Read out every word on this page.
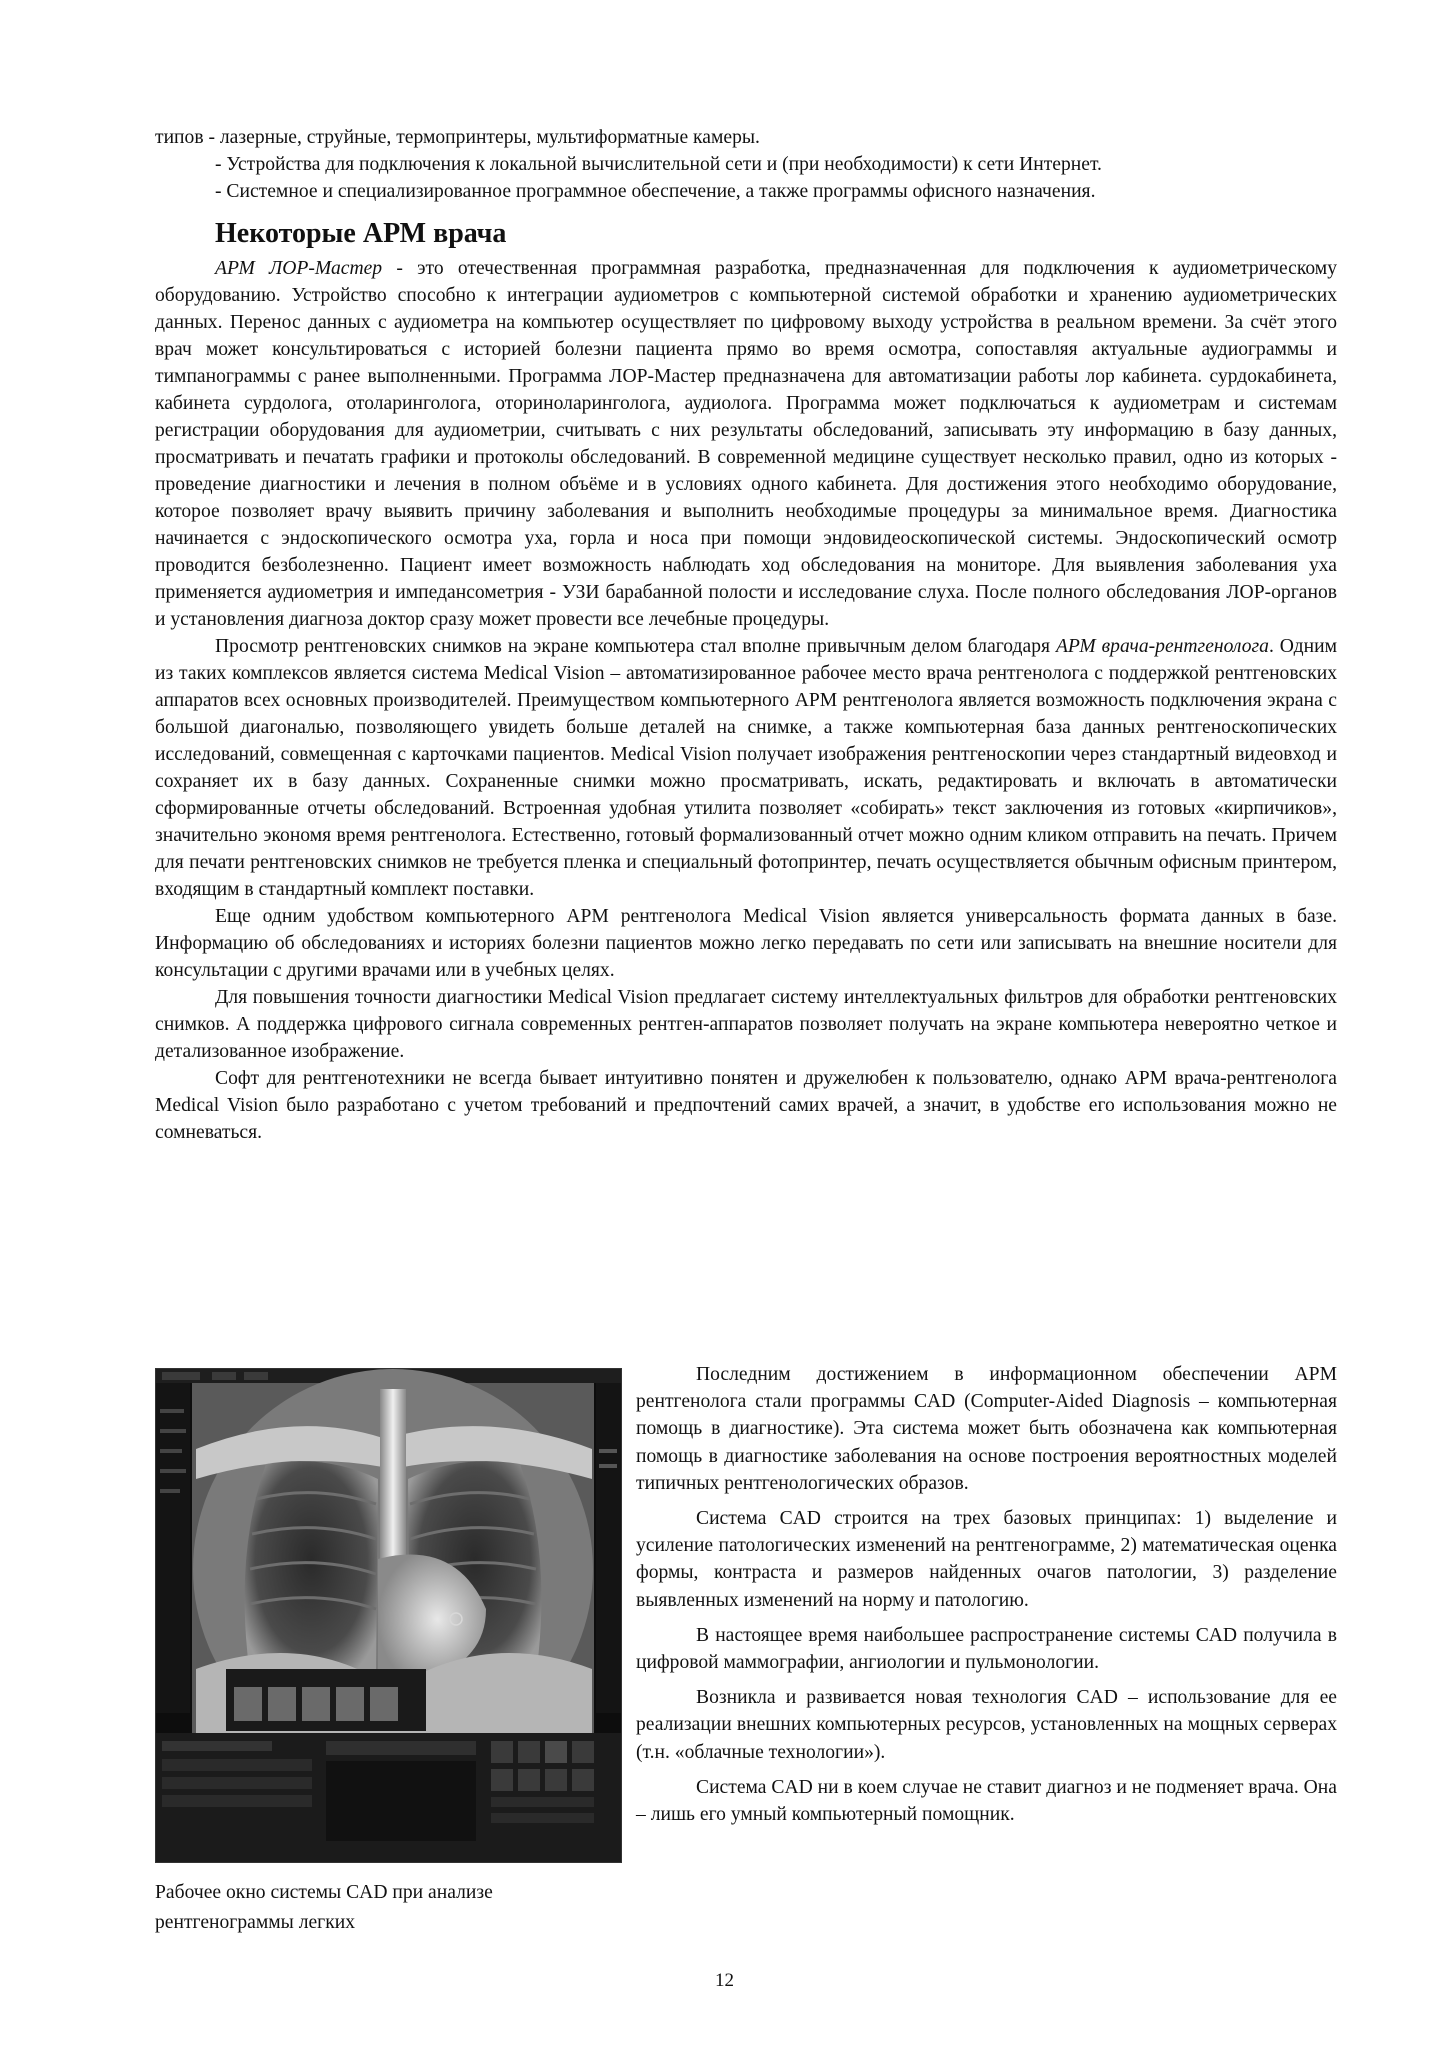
типов - лазерные, струйные, термопринтеры, мультиформатные камеры.

- Устройства для подключения к локальной вычислительной сети и (при необходимости) к сети Интернет.

- Системное и специализированное программное обеспечение, а также программы офисного назначения.

Некоторые АРМ врача

АРМ ЛОР-Мастер - это отечественная программная разработка, предназначенная для подключения к аудиометрическому оборудованию. Устройство способно к интеграции аудиометров с компьютерной системой обработки и хранению аудиометрических данных. Перенос данных с аудиометра на компьютер осуществляет по цифровому выходу устройства в реальном времени. За счёт этого врач может консультироваться с историей болезни пациента прямо во время осмотра, сопоставляя актуальные аудиограммы и тимпанограммы с ранее выполненными. Программа ЛОР-Мастер предназначена для автоматизации работы лор кабинета. сурдокабинета, кабинета сурдолога, отоларинголога, оториноларинголога, аудиолога. Программа может подключаться к аудиометрам и системам регистрации оборудования для аудиометрии, считывать с них результаты обследований, записывать эту информацию в базу данных, просматривать и печатать графики и протоколы обследований. В современной медицине существует несколько правил, одно из которых - проведение диагностики и лечения в полном объёме и в условиях одного кабинета. Для достижения этого необходимо оборудование, которое позволяет врачу выявить причину заболевания и выполнить необходимые процедуры за минимальное время. Диагностика начинается с эндоскопического осмотра уха, горла и носа при помощи эндовидеоскопической системы. Эндоскопический осмотр проводится безболезненно. Пациент имеет возможность наблюдать ход обследования на мониторе. Для выявления заболевания уха применяется аудиометрия и импедансометрия - УЗИ барабанной полости и исследование слуха. После полного обследования ЛОР-органов и установления диагноза доктор сразу может провести все лечебные процедуры.

Просмотр рентгеновских снимков на экране компьютера стал вполне привычным делом благодаря АРМ врача-рентгенолога. Одним из таких комплексов является система Medical Vision – автоматизированное рабочее место врача рентгенолога с поддержкой рентгеновских аппаратов всех основных производителей. Преимуществом компьютерного АРМ рентгенолога является возможность подключения экрана с большой диагональю, позволяющего увидеть больше деталей на снимке, а также компьютерная база данных рентгеноскопических исследований, совмещенная с карточками пациентов. Medical Vision получает изображения рентгеноскопии через стандартный видеовход и сохраняет их в базу данных. Сохраненные снимки можно просматривать, искать, редактировать и включать в автоматически сформированные отчеты обследований. Встроенная удобная утилита позволяет «собирать» текст заключения из готовых «кирпичиков», значительно экономя время рентгенолога. Естественно, готовый формализованный отчет можно одним кликом отправить на печать. Причем для печати рентгеновских снимков не требуется пленка и специальный фотопринтер, печать осуществляется обычным офисным принтером, входящим в стандартный комплект поставки.

Еще одним удобством компьютерного АРМ рентгенолога Medical Vision является универсальность формата данных в базе. Информацию об обследованиях и историях болезни пациентов можно легко передавать по сети или записывать на внешние носители для консультации с другими врачами или в учебных целях.

Для повышения точности диагностики Medical Vision предлагает систему интеллектуальных фильтров для обработки рентгеновских снимков. А поддержка цифрового сигнала современных рентген-аппаратов позволяет получать на экране компьютера невероятно четкое и детализованное изображение.

Софт для рентгенотехники не всегда бывает интуитивно понятен и дружелюбен к пользователю, однако АРМ врача-рентгенолога Medical Vision было разработано с учетом требований и предпочтений самих врачей, а значит, в удобстве его использования можно не сомневаться.

Последним достижением в информационном обеспечении АРМ рентгенолога стали программы CAD (Computer-Aided Diagnosis – компьютерная помощь в диагностике). Эта система может быть обозначена как компьютерная помощь в диагностике заболевания на основе построения вероятностных моделей типичных рентгенологических образов.

Система CAD строится на трех базовых принципах: 1) выделение и усиление патологических изменений на рентгенограмме, 2) математическая оценка формы, контраста и размеров найденных очагов патологии, 3) разделение выявленных изменений на норму и патологию.

В настоящее время наибольшее распространение системы CAD получила в цифровой маммографии, ангиологии и пульмонологии.

Возникла и развивается новая технология CAD – использование для ее реализации внешних компьютерных ресурсов, установленных на мощных серверах (т.н. «облачные технологии»).

Система CAD ни в коем случае не ставит диагноз и не подменяет врача. Она – лишь его умный компьютерный помощник.

Рабочее окно системы CAD при анализе рентгенограммы легких
12
